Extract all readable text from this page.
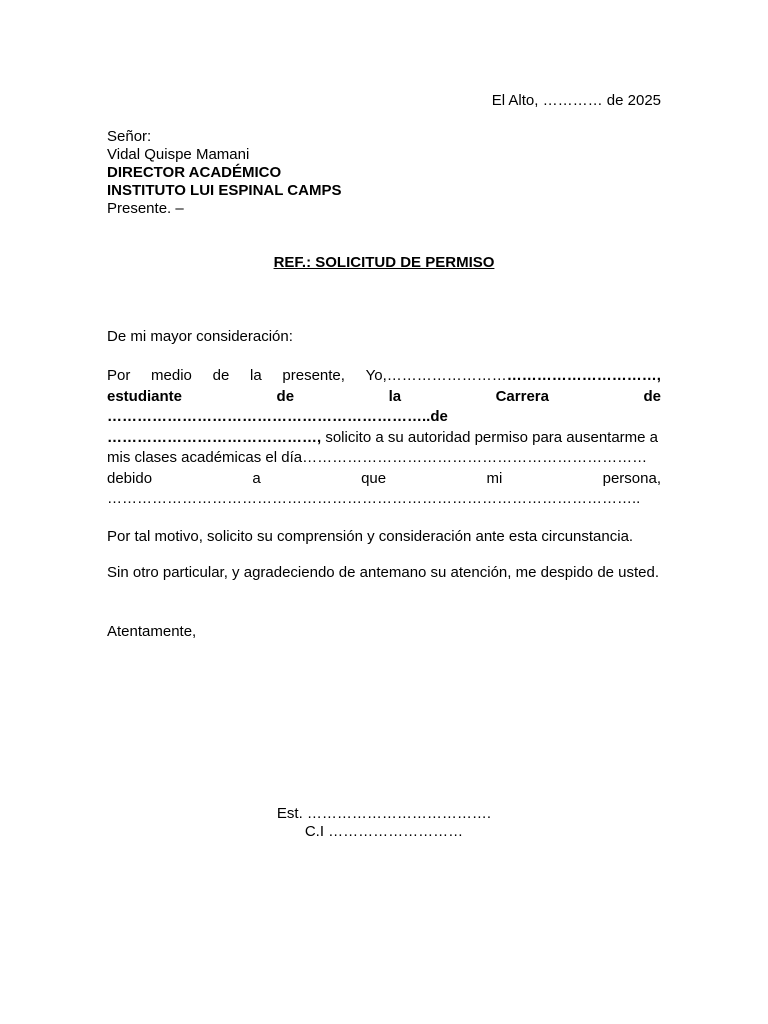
El Alto, ………… de 2025
Señor:
Vidal Quispe Mamani
DIRECTOR ACADÉMICO
INSTITUTO LUI ESPINAL CAMPS
Presente. –
REF.: SOLICITUD DE PERMISO
De mi mayor consideración:
Por medio de la presente, Yo,………………………………………………,
estudiante	de	la	Carrera	de
………………………………………………………..de
……………………………………, solicito a su autoridad permiso para ausentarme a
mis clases académicas el día……………………………………………………………
debido	a	que	mi	persona,
……………………………………………………………………………………………..
Por tal motivo, solicito su comprensión y consideración ante esta circunstancia.
Sin otro particular, y agradeciendo de antemano su atención, me despido de usted.
Atentamente,
Est. ……………………………….
C.I ………………………
